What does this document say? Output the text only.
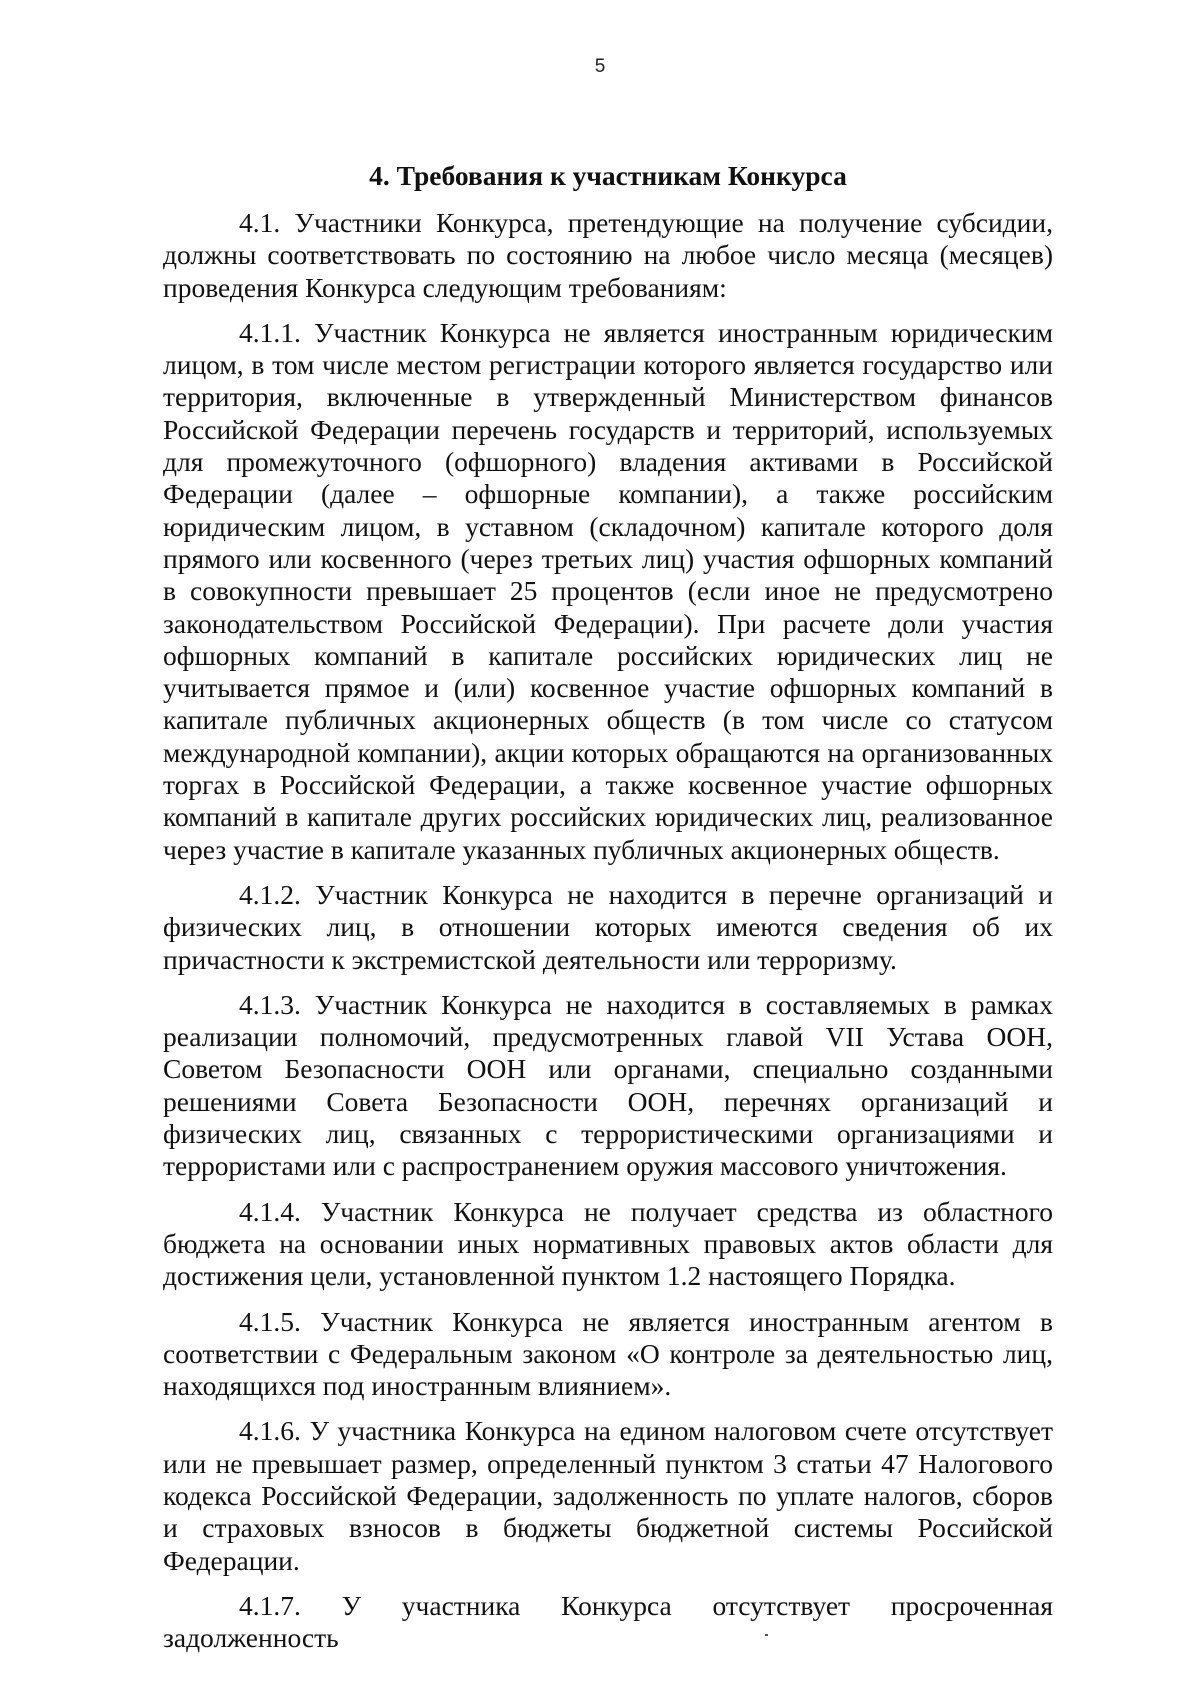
5
4. Требования к участникам Конкурса

4.1. Участники Конкурса, претендующие на получение субсидии, должны соответствовать по состоянию на любое число месяца (месяцев) проведения Конкурса следующим требованиям:

4.1.1. Участник Конкурса не является иностранным юридическим лицом, в том числе местом регистрации которого является государство или территория, включенные в утвержденный Министерством финансов Российской Федерации перечень государств и территорий, используемых для промежуточного (офшорного) владения активами в Российской Федерации (далее – офшорные компании), а также российским юридическим лицом, в уставном (складочном) капитале которого доля прямого или косвенного (через третьих лиц) участия офшорных компаний в совокупности превышает 25 процентов (если иное не предусмотрено законодательством Российской Федерации). При расчете доли участия офшорных компаний в капитале российских юридических лиц не учитывается прямое и (или) косвенное участие офшорных компаний в капитале публичных акционерных обществ (в том числе со статусом международной компании), акции которых обращаются на организованных торгах в Российской Федерации, а также косвенное участие офшорных компаний в капитале других российских юридических лиц, реализованное через участие в капитале указанных публичных акционерных обществ.

4.1.2. Участник Конкурса не находится в перечне организаций и физических лиц, в отношении которых имеются сведения об их причастности к экстремистской деятельности или терроризму.

4.1.3. Участник Конкурса не находится в составляемых в рамках реализации полномочий, предусмотренных главой VII Устава ООН, Советом Безопасности ООН или органами, специально созданными решениями Совета Безопасности ООН, перечнях организаций и физических лиц, связанных с террористическими организациями и террористами или с распространением оружия массового уничтожения.

4.1.4. Участник Конкурса не получает средства из областного бюджета на основании иных нормативных правовых актов области для достижения цели, установленной пунктом 1.2 настоящего Порядка.

4.1.5. Участник Конкурса не является иностранным агентом в соответствии с Федеральным законом «О контроле за деятельностью лиц, находящихся под иностранным влиянием».

4.1.6. У участника Конкурса на едином налоговом счете отсутствует или не превышает размер, определенный пунктом 3 статьи 47 Налогового кодекса Российской Федерации, задолженность по уплате налогов, сборов и страховых взносов в бюджеты бюджетной системы Российской Федерации.

4.1.7. У участника Конкурса отсутствует просроченная задолженность
